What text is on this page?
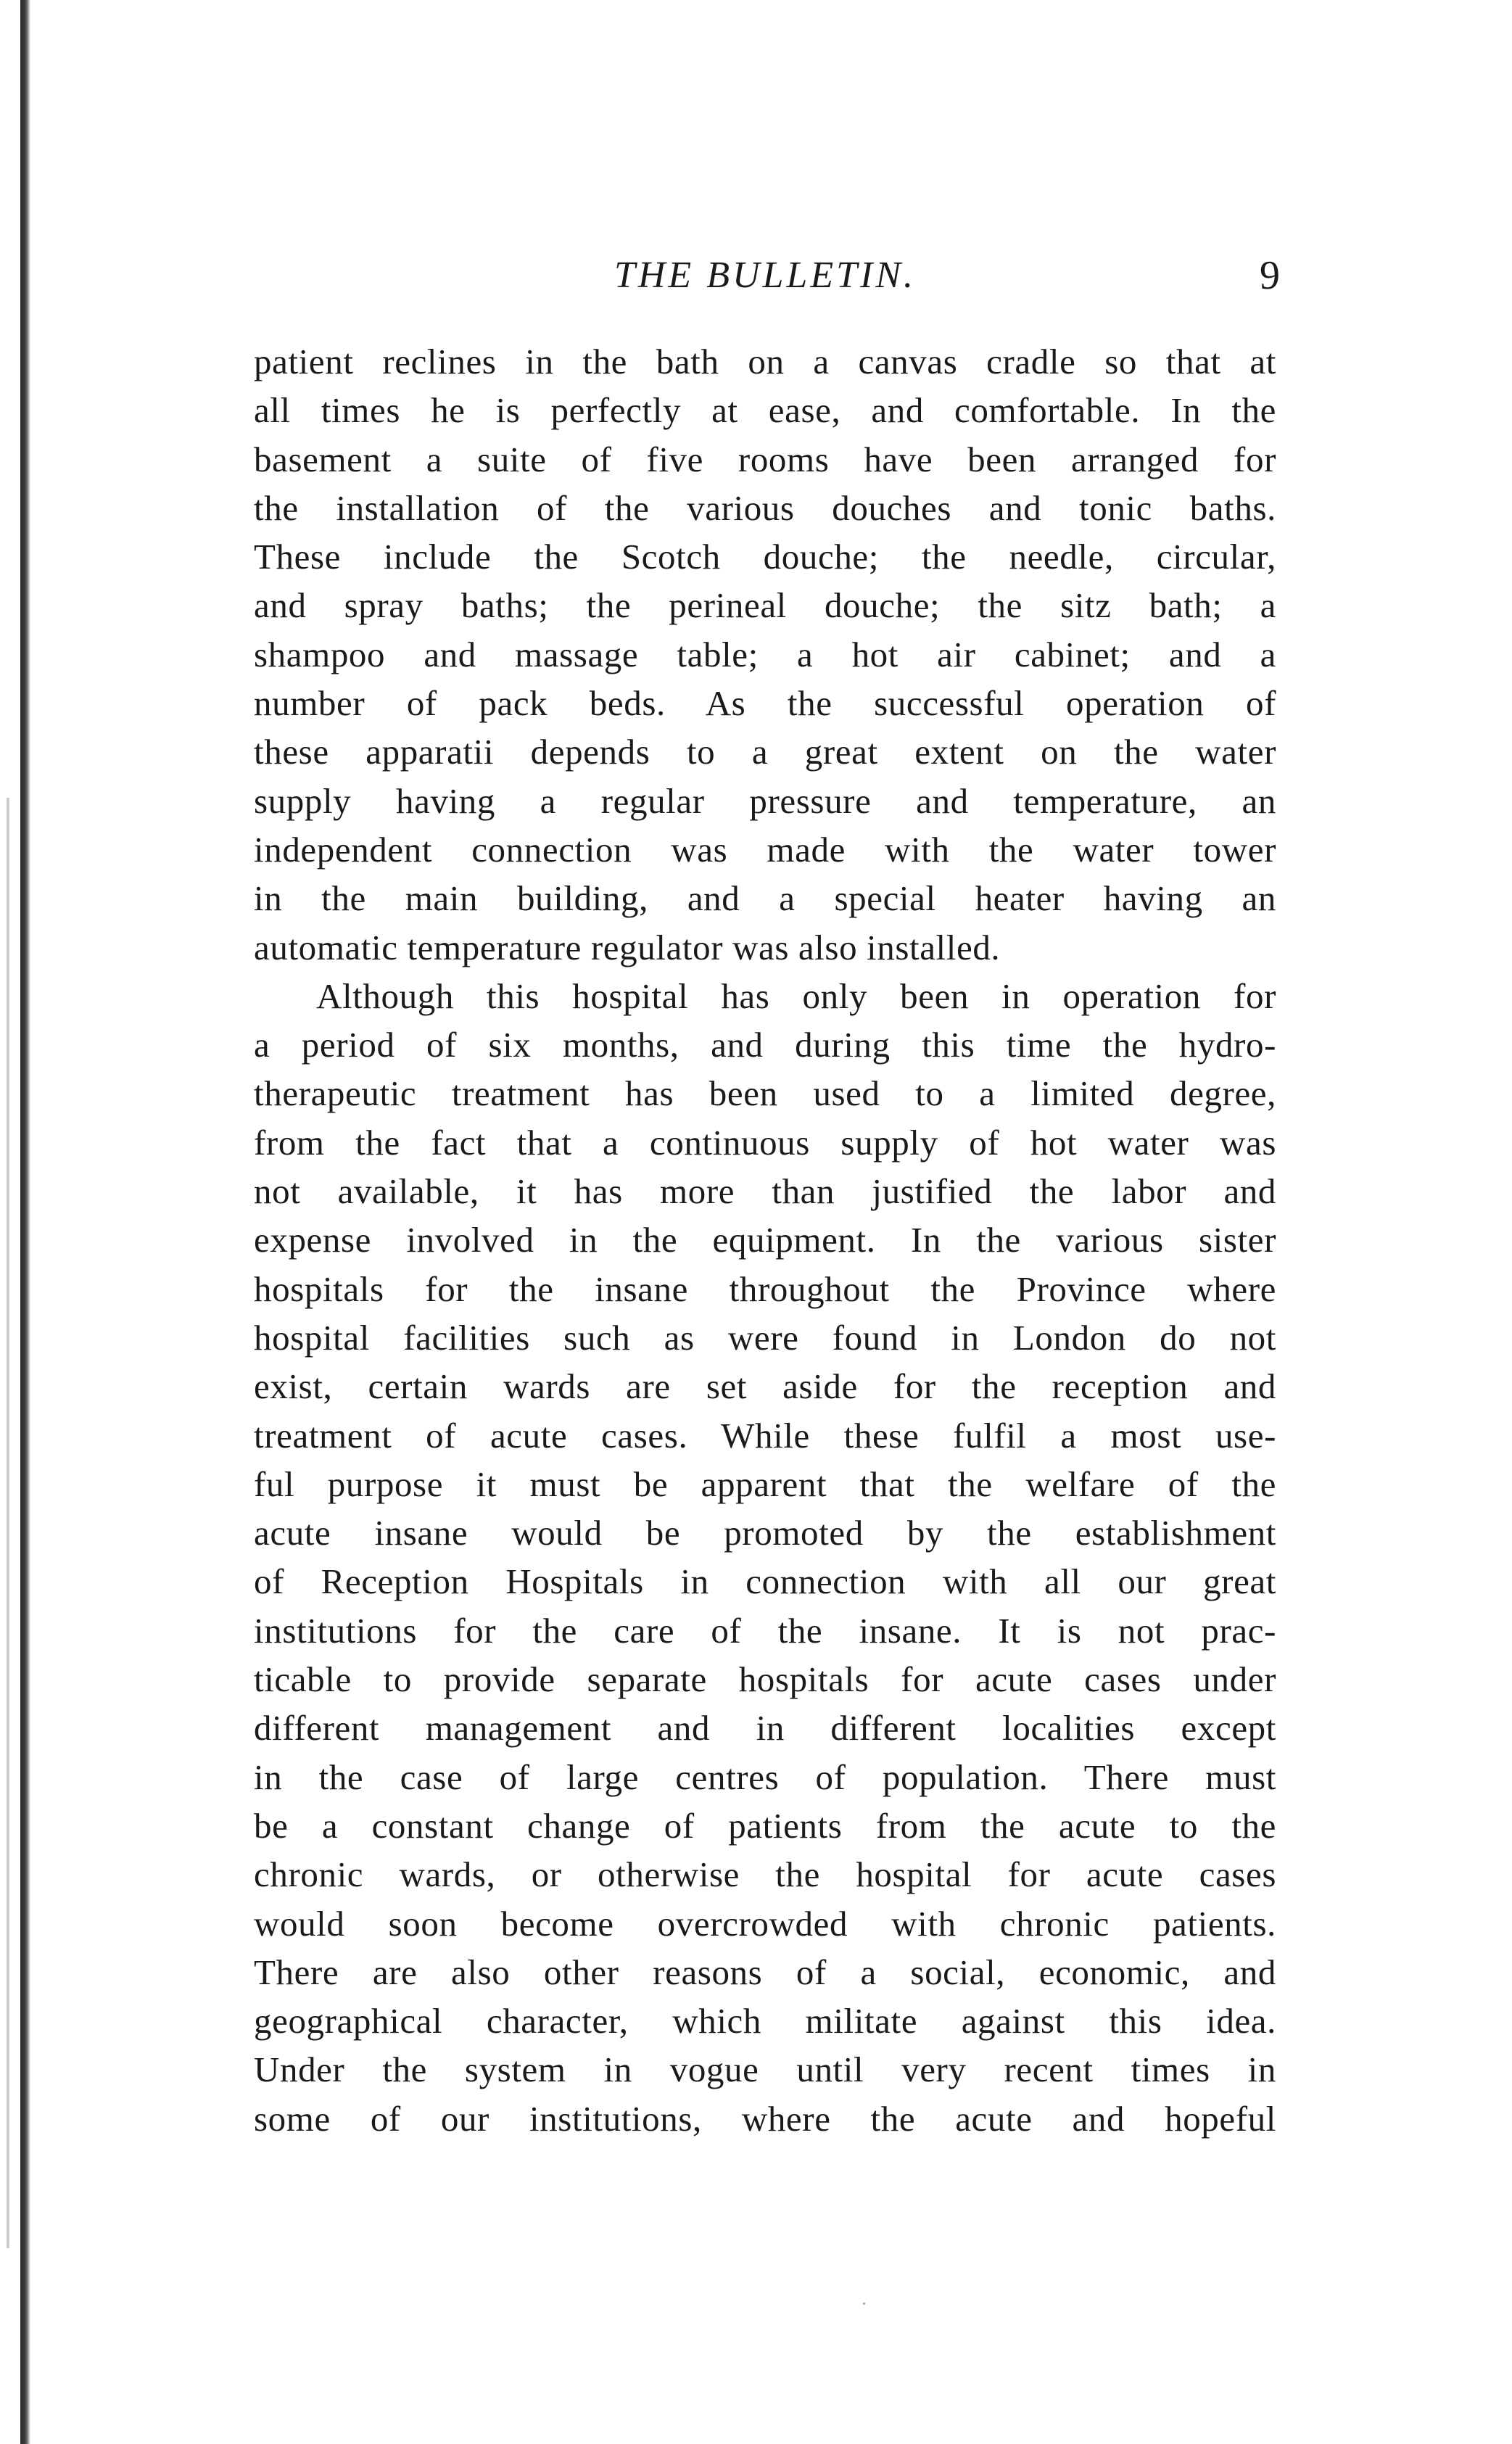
THE BULLETIN.	9
patient reclines in the bath on a canvas cradle so that at
all times he is perfectly at ease, and comfortable. In the
basement a suite of five rooms have been arranged for
the installation of the various douches and tonic baths.
These include the Scotch douche; the needle, circular,
and spray baths; the perineal douche; the sitz bath; a
shampoo and massage table; a hot air cabinet; and a
number of pack beds. As the successful operation of
these apparatii depends to a great extent on the water
supply having a regular pressure and temperature, an
independent connection was made with the water tower
in the main building, and a special heater having an
automatic temperature regulator was also installed.
Although this hospital has only been in operation for
a period of six months, and during this time the hydro-
therapeutic treatment has been used to a limited degree,
from the fact that a continuous supply of hot water was
not available, it has more than justified the labor and
expense involved in the equipment. In the various sister
hospitals for the insane throughout the Province where
hospital facilities such as were found in London do not
exist, certain wards are set aside for the reception and
treatment of acute cases. While these fulfil a most use-
ful purpose it must be apparent that the welfare of the
acute insane would be promoted by the establishment
of Reception Hospitals in connection with all our great
institutions for the care of the insane. It is not prac-
ticable to provide separate hospitals for acute cases under
different management and in different localities except
in the case of large centres of population. There must
be a constant change of patients from the acute to the
chronic wards, or otherwise the hospital for acute cases
would soon become overcrowded with chronic patients.
There are also other reasons of a social, economic, and
geographical character, which militate against this idea.
Under the system in vogue until very recent times in
some of our institutions, where the acute and hopeful
